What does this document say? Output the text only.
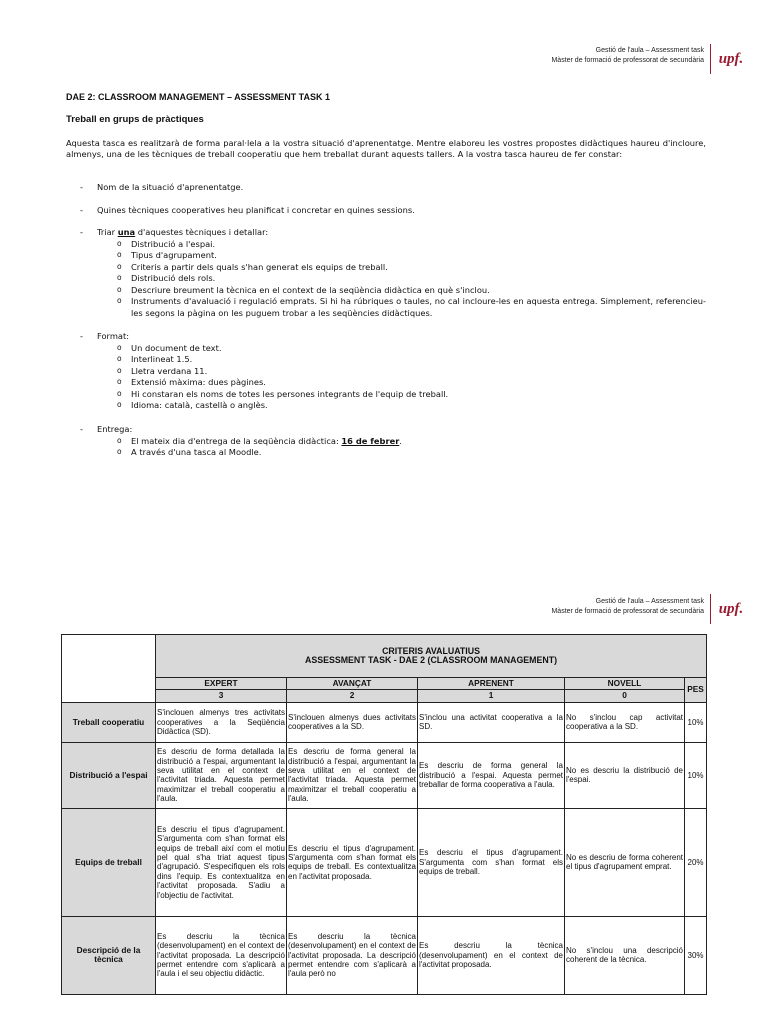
Gestió de l'aula – Assessment task
Màster de formació de professorat de secundària upf.
DAE 2: CLASSROOM MANAGEMENT – ASSESSMENT TASK 1
Treball en grups de pràctiques
Aquesta tasca es realitzarà de forma paral·lela a la vostra situació d'aprenentatge. Mentre elaboreu les vostres propostes didàctiques haureu d'incloure, almenys, una de les tècniques de treball cooperatiu que hem treballat durant aquests tallers. A la vostra tasca haureu de fer constar:
- Nom de la situació d'aprenentatge.
- Quines tècniques cooperatives heu planificat i concretar en quines sessions.
- Triar una d'aquestes tècniques i detallar:
o Distribució a l'espai.
o Tipus d'agrupament.
o Criteris a partir dels quals s'han generat els equips de treball.
o Distribució dels rols.
o Descriure breument la tècnica en el context de la seqüència didàctica en què s'inclou.
o Instruments d'avaluació i regulació emprats. Si hi ha rúbriques o taules, no cal incloure-les en aquesta entrega. Simplement, referencieu-les segons la pàgina on les puguem trobar a les seqüències didàctiques.
- Format:
o Un document de text.
o Interlineat 1.5.
o Lletra verdana 11.
o Extensió màxima: dues pàgines.
o Hi constaran els noms de totes les persones integrants de l'equip de treball.
o Idioma: català, castellà o anglès.
- Entrega:
o El mateix dia d'entrega de la seqüència didàctica: 16 de febrer.
o A través d'una tasca al Moodle.
Gestió de l'aula – Assessment task
Màster de formació de professorat de secundària upf.

	CRITERIS AVALUATIUS
ASSESSMENT TASK - DAE 2 (CLASSROOM MANAGEMENT)				

	EXPERT	AVANÇAT	APRENENT	NOVELL	PES
	3	2	1	0	
Treball cooperatiu	S'inclouen almenys tres activitats cooperatives a la Seqüència Didàctica (SD).	S'inclouen almenys dues activitats cooperatives a la SD.	S'inclou una activitat cooperativa a la SD.	No s'inclou cap activitat cooperativa a la SD.	10%
Distribució a l'espai	Es descriu de forma detallada la distribució a l'espai, argumentant la seva utilitat en el context de l'activitat triada. Aquesta permet maximitzar el treball cooperatiu a l'aula.	Es descriu de forma general la distribució a l'espai, argumentant la seva utilitat en el context de l'activitat triada. Aquesta permet maximitzar el treball cooperatiu a l'aula.	Es descriu de forma general la distribució a l'espai. Aquesta permet treballar de forma cooperativa a l'aula.	No es descriu la distribució de l'espai.	10%
Equips de treball	Es descriu el tipus d'agrupament. S'argumenta com s'han format els equips de treball així com el motiu pel qual s'ha triat aquest tipus d'agrupació. S'especifiquen els rols dins l'equip. Es contextualitza en l'activitat proposada. S'adiu a l'objectiu de l'activitat.	Es descriu el tipus d'agrupament. S'argumenta com s'han format els equips de treball. Es contextualitza en l'activitat proposada.	Es descriu el tipus d'agrupament. S'argumenta com s'han format els equips de treball.	No es descriu de forma coherent el tipus d'agrupament emprat.	20%
Descripció de la tècnica	Es descriu la tècnica (desenvolupament) en el context de l'activitat proposada. La descripció permet entendre com s'aplicarà a l'aula i el seu objectiu didàctic.	Es descriu la tècnica (desenvolupament) en el context de l'activitat proposada. La descripció permet entendre com s'aplicarà a l'aula però no	Es descriu la tècnica (desenvolupament) en el context de l'activitat proposada.	No s'inclou una descripció coherent de la tècnica.	30%
